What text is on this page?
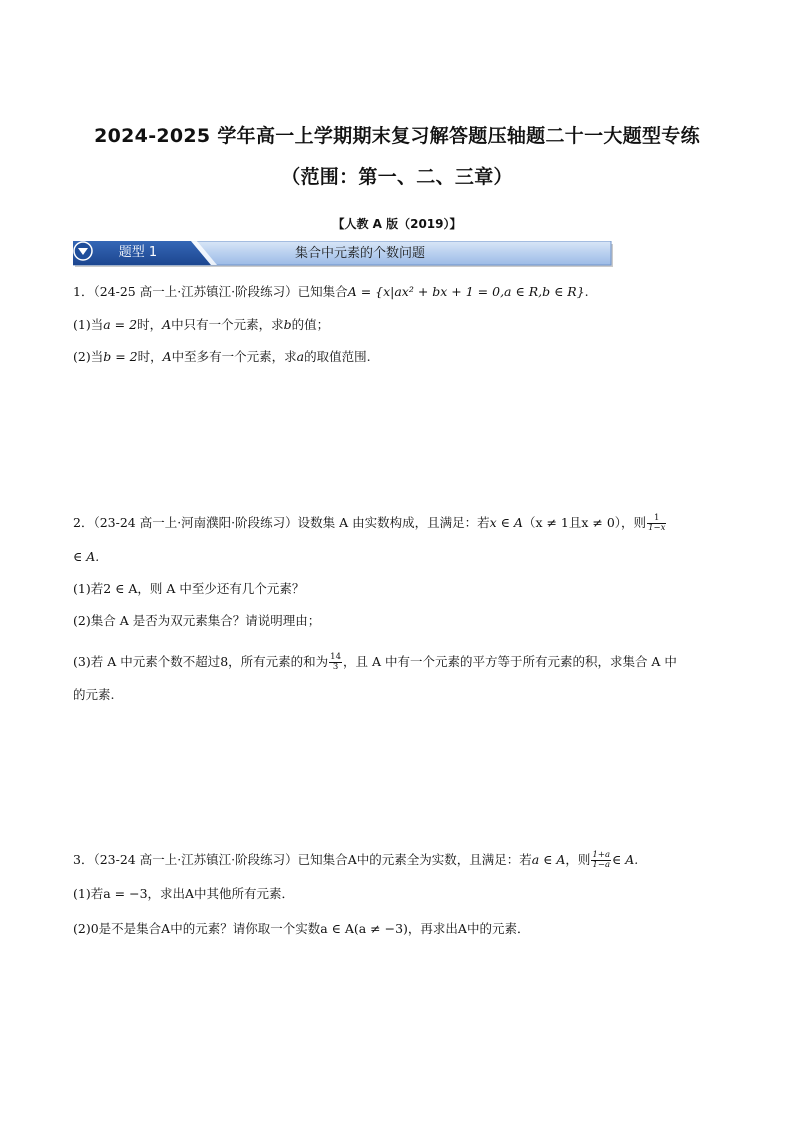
2024-2025 学年高一上学期期末复习解答题压轴题二十一大题型专练
（范围：第一、二、三章）
【人教 A 版（2019）】
题型 1	集合中元素的个数问题
1．（24-25 高一上·江苏镇江·阶段练习）已知集合A = {x|ax² + bx + 1 = 0,a ∈ R,b ∈ R}.
(1)当a = 2时，A中只有一个元素，求b的值；
(2)当b = 2时，A中至多有一个元素，求a的取值范围.
2．（23-24 高一上·河南濮阳·阶段练习）设数集 A 由实数构成，且满足：若x ∈ A（x ≠ 1且x ≠ 0），则 $\frac{1}{1-x}$
∈ A.
(1)若2 ∈ A，则 A 中至少还有几个元素？
(2)集合 A 是否为双元素集合？请说明理由；
(3)若 A 中元素个数不超过8，所有元素的和为 $\frac{14}{3}$ ，且 A 中有一个元素的平方等于所有元素的积，求集合 A 中
的元素.
3．（23-24 高一上·江苏镇江·阶段练习）已知集合A中的元素全为实数，且满足：若a ∈ A，则 $\frac{1+a}{1-a}$ ∈ A.
(1)若a = −3，求出A中其他所有元素．
(2)0是不是集合A中的元素？请你取一个实数a ∈ A(a ≠ −3)，再求出A中的元素．
